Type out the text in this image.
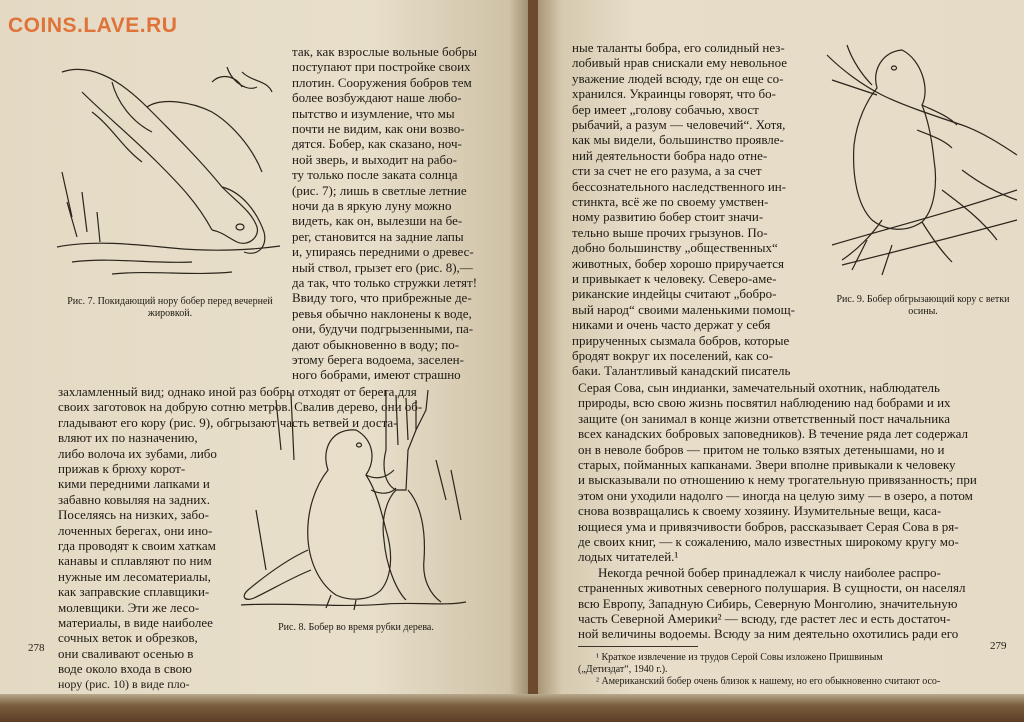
COINS.LAVE.RU
Рис. 7. Покидающий нору бобер перед вечерней жировкой.
так, как взрослые вольные бобры
поступают при постройке своих
плотин. Сооружения бобров тем
более возбуждают наше любо-
пытство и изумление, что мы
почти не видим, как они возво-
дятся. Бобер, как сказано, ноч-
ной зверь, и выходит на рабо-
ту только после заката солнца
(рис. 7); лишь в светлые летние
ночи да в яркую луну можно
видеть, как он, вылезши на бе-
рег, становится на задние лапы
и, упираясь передними о древес-
ный ствол, грызет его (рис. 8),—
да так, что только стружки летят!
Ввиду того, что прибрежные де-
ревья обычно наклонены к воде,
они, будучи подгрызенными, па-
дают обыкновенно в воду; по-
этому берега водоема, заселен-
ного бобрами, имеют страшно
захламленный вид; однако иной раз бобры отходят от берега для
своих заготовок на добрую сотню метров. Свалив дерево, они об-
гладывают его кору (рис. 9), обгрызают часть ветвей и доста-
вляют их по назначению,
либо волоча их зубами, либо
прижав к брюху корот-
кими передними лапками и
забавно ковыляя на задних.
Поселяясь на низких, забо-
лоченных берегах, они ино-
гда проводят к своим хаткам
канавы и сплавляют по ним
нужные им лесоматериалы,
как заправские сплавщики-
молевщики. Эти же лесо-
материалы, в виде наиболее
сочных веток и обрезков,
они сваливают осенью в
воде около входа в свою
нору (рис. 10) в виде пло-
Рис. 8. Бобер во время рубки дерева.
278
ные таланты бобра, его солидный нез-
лобивый нрав снискали ему невольное
уважение людей всюду, где он еще со-
хранился. Украинцы говорят, что бо-
бер имеет „голову собачью, хвост
рыбачий, а разум — человечий“. Хотя,
как мы видели, большинство проявле-
ний деятельности бобра надо отне-
сти за счет не его разума, а за счет
бессознательного наследственного ин-
стинкта, всё же по своему умствен-
ному развитию бобер стоит значи-
тельно выше прочих грызунов. По-
добно большинству „общественных“
животных, бобер хорошо приручается
и привыкает к человеку. Северо-аме-
риканские индейцы считают „бобро-
вый народ“ своими маленькими помощ-
никами и очень часто держат у себя
прирученных сызмала бобров, которые
бродят вокруг их поселений, как со-
баки. Талантливый канадский писатель
Рис. 9. Бобер обгрызающий кору с ветки осины.
Серая Сова, сын индианки, замечательный охотник, наблюдатель
природы, всю свою жизнь посвятил наблюдению над бобрами и их
защите (он занимал в конце жизни ответственный пост начальника
всех канадских бобровых заповедников). В течение ряда лет содержал
он в неволе бобров — притом не только взятых детенышами, но и
старых, пойманных капканами. Звери вполне привыкали к человеку
и высказывали по отношению к нему трогательную привязанность; при
этом они уходили надолго — иногда на целую зиму — в озеро, а потом
снова возвращались к своему хозяину. Изумительные вещи, каса-
ющиеся ума и привязчивости бобров, рассказывает Серая Сова в ря-
де своих книг, — к сожалению, мало известных широкому кругу мо-
лодых читателей.¹
Некогда речной бобер принадлежал к числу наиболее распро-
страненных животных северного полушария. В сущности, он населял
всю Европу, Западную Сибирь, Северную Монголию, значительную
часть Северной Америки² — всюду, где растет лес и есть достаточ-
ной величины водоемы. Всюду за ним деятельно охотились ради его
¹ Краткое извлечение из трудов Серой Совы изложено Пришвиным
(„Детиздат“, 1940 г.).
² Американский бобер очень близок к нашему, но его обыкновенно считают осо-
279
